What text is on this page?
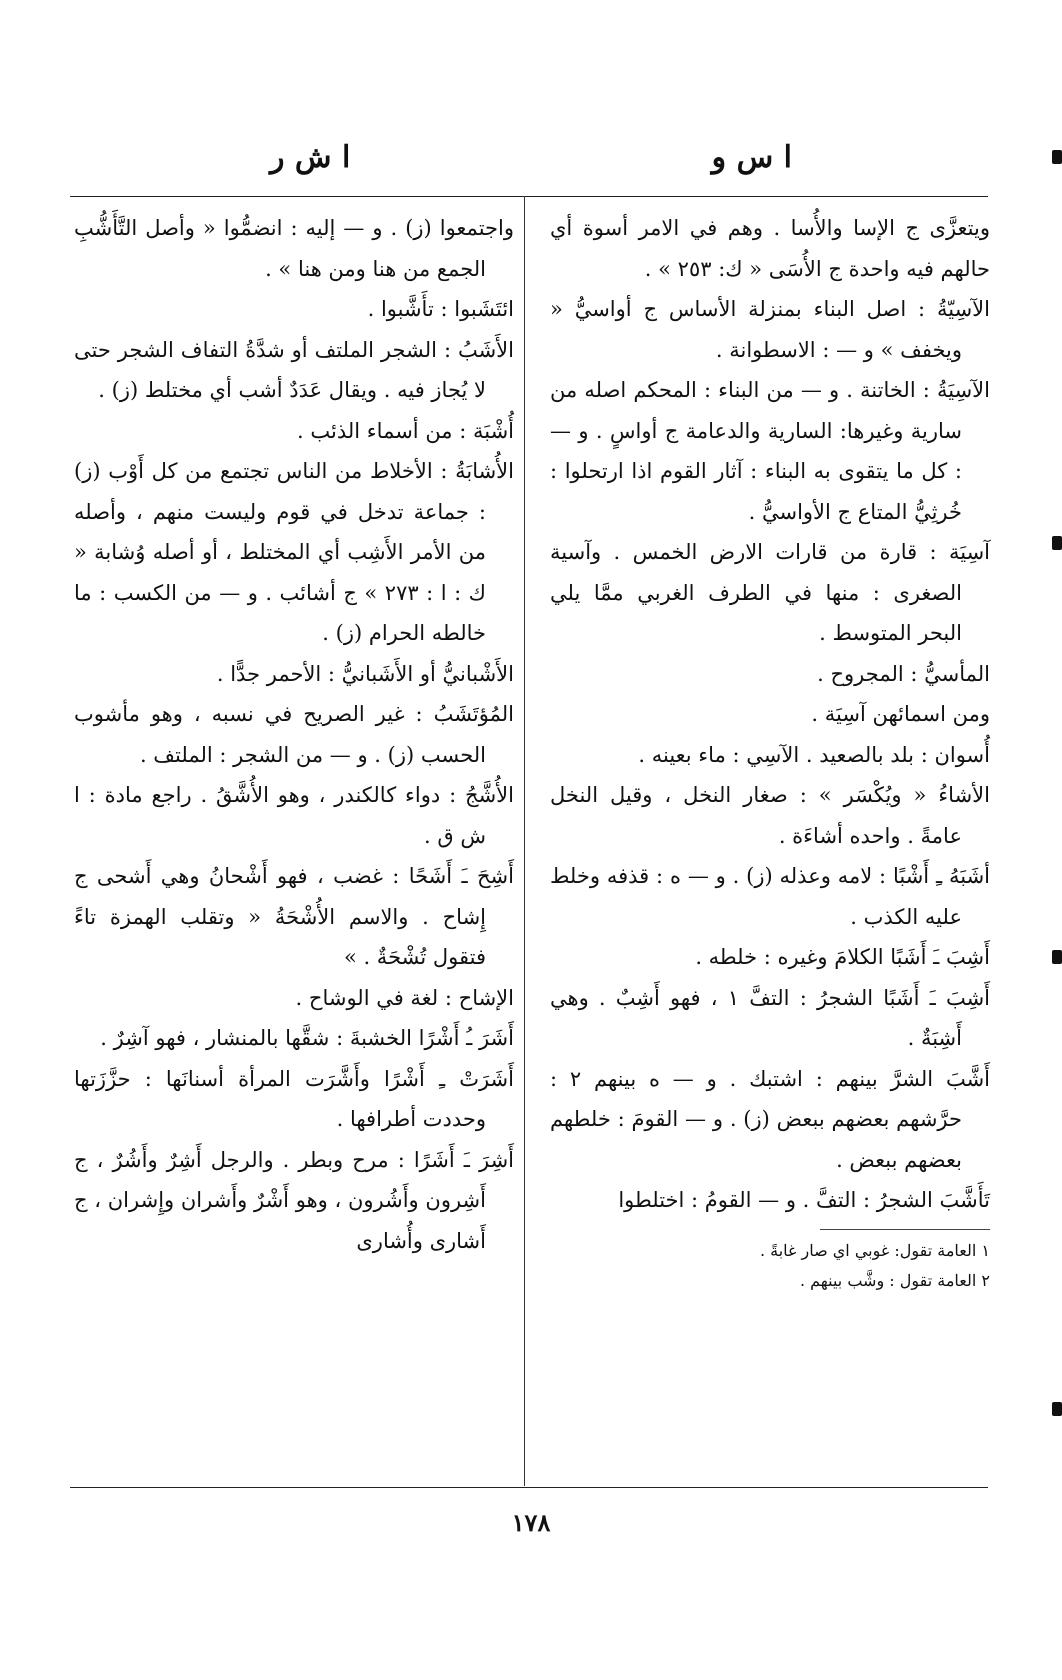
ا س و
ا ش ر

ويتعزَّى ج الإسا والأُسا . وهم في الامر أسوة أي حالهم فيه واحدة ج الأُسَى « ك: ٢٥٣ » .

الآسِيّةُ : اصل البناء بمنزلة الأساس ج أواسيُّ « ويخفف » و — : الاسطوانة .

الآسِيَةُ : الخاتنة . و — من البناء : المحكم اصله من سارية وغيرها: السارية والدعامة ج أواسٍ . و — : كل ما يتقوى به البناء : آثار القوم اذا ارتحلوا : خُرثِيُّ المتاع ج الأواسيُّ .

آسِيَة : قارة من قارات الارض الخمس . وآسية الصغرى : منها في الطرف الغربي ممَّا يلي البحر المتوسط .

المأسيُّ : المجروح .

ومن اسمائهن آسِيَة .

أُسوان : بلد بالصعيد . الآسِي : ماء بعينه .

الأشاءُ « ويُكْسَر » : صغار النخل ، وقيل النخل عامةً . واحده أشاءَة .

أشَبَهُ ـِ أَشْبًا : لامه وعذله (ز) . و — ه : قذفه وخلط عليه الكذب .

أَشِبَ ـَ أَشَبًا الكلامَ وغيره : خلطه .

أَشِبَ ـَ أَشَبًا الشجرُ : التفَّ ١ ، فهو أَشِبٌ . وهي أَشِبَةٌ .

أَشَّبَ الشرَّ بينهم : اشتبك . و — ه بينهم ٢ : حرَّشهم بعضهم ببعض (ز) . و — القومَ : خلطهم بعضهم ببعض .

تَأَشَّبَ الشجرُ : التفَّ . و — القومُ : اختلطوا

١ العامة تقول: غوبي اي صار غابةً .

٢ العامة تقول : وشَّب بينهم .

واجتمعوا (ز) . و — إليه : انضمُّوا « وأصل التَّأَشُّبِ الجمع من هنا ومن هنا » .

ائتَشَبوا : تأَشَّبوا .

الأَشَبُ : الشجر الملتف أو شدَّةُ التفاف الشجر حتى لا يُجاز فيه . ويقال عَدَدٌ أشب أي مختلط (ز) .

أُشْبَة : من أسماء الذئب .

الأُشابَةُ : الأخلاط من الناس تجتمع من كل أَوْب (ز) : جماعة تدخل في قوم وليست منهم ، وأصله من الأمر الأَشِب أي المختلط ، أو أصله وُشابة « ك : ا : ٢٧٣ » ج أشائب . و — من الكسب : ما خالطه الحرام (ز) .

الأَشْبانيُّ أو الأَشَبانيُّ : الأحمر جدًّا .

المُؤتَشَبُ : غير الصريح في نسبه ، وهو مأشوب الحسب (ز) . و — من الشجر : الملتف .

الأُشَّجُ : دواء كالكندر ، وهو الأُشَّقُ . راجع مادة : ا ش ق .

أَشِحَ ـَ أَشَحًا : غضب ، فهو أَشْحانُ وهي أَشحى ج إِشاح . والاسم الأُشْحَةُ « وتقلب الهمزة تاءً فتقول تُشْحَةٌ . »

الإشاح : لغة في الوشاح .

أَشَرَ ـُ أَشْرًا الخشبةَ : شقَّها بالمنشار ، فهو آشِرٌ .

أَشَرَتْ ـِ أَشْرًا وأَشَّرَت المرأة أسنانَها : حزَّزَتها وحددت أطرافها .

أَشِرَ ـَ أَشَرًا : مرح وبطر . والرجل أَشِرٌ وأَشُرٌ ، ج أَشِرون وأَشُرون ، وهو أَشْرٌ وأَشران وإِشران ، ج أَشارى وأُشارى

١٧٨
